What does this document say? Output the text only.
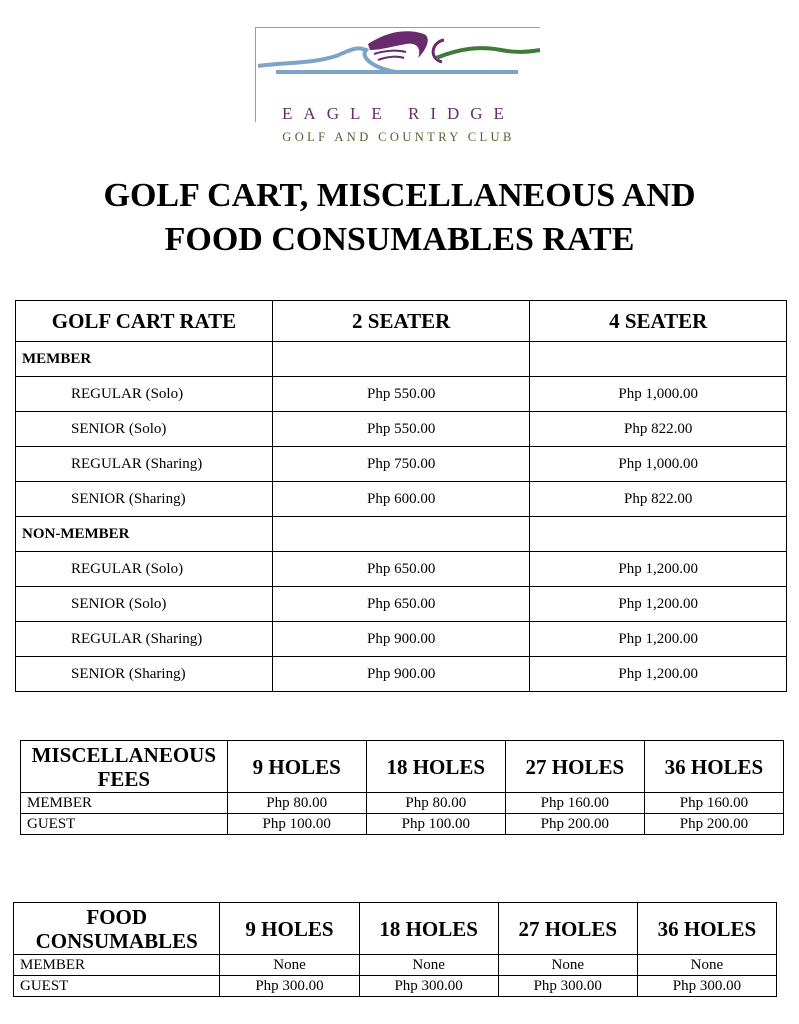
EAGLE RIDGE
GOLF AND COUNTRY CLUB
GOLF CART, MISCELLANEOUS AND
FOOD CONSUMABLES RATE
GOLF CART RATE	2 SEATER	4 SEATER
MEMBER		
REGULAR (Solo)	Php 550.00	Php 1,000.00
SENIOR (Solo)	Php 550.00	Php 822.00
REGULAR (Sharing)	Php 750.00	Php 1,000.00
SENIOR (Sharing)	Php 600.00	Php 822.00
NON-MEMBER		
REGULAR (Solo)	Php 650.00	Php 1,200.00
SENIOR (Solo)	Php 650.00	Php 1,200.00
REGULAR (Sharing)	Php 900.00	Php 1,200.00
SENIOR (Sharing)	Php 900.00	Php 1,200.00
MISCELLANEOUS FEES	9 HOLES	18 HOLES	27 HOLES	36 HOLES
MEMBER	Php 80.00	Php 80.00	Php 160.00	Php 160.00
GUEST	Php 100.00	Php 100.00	Php 200.00	Php 200.00
FOOD CONSUMABLES	9 HOLES	18 HOLES	27 HOLES	36 HOLES
MEMBER	None	None	None	None
GUEST	Php 300.00	Php 300.00	Php 300.00	Php 300.00
